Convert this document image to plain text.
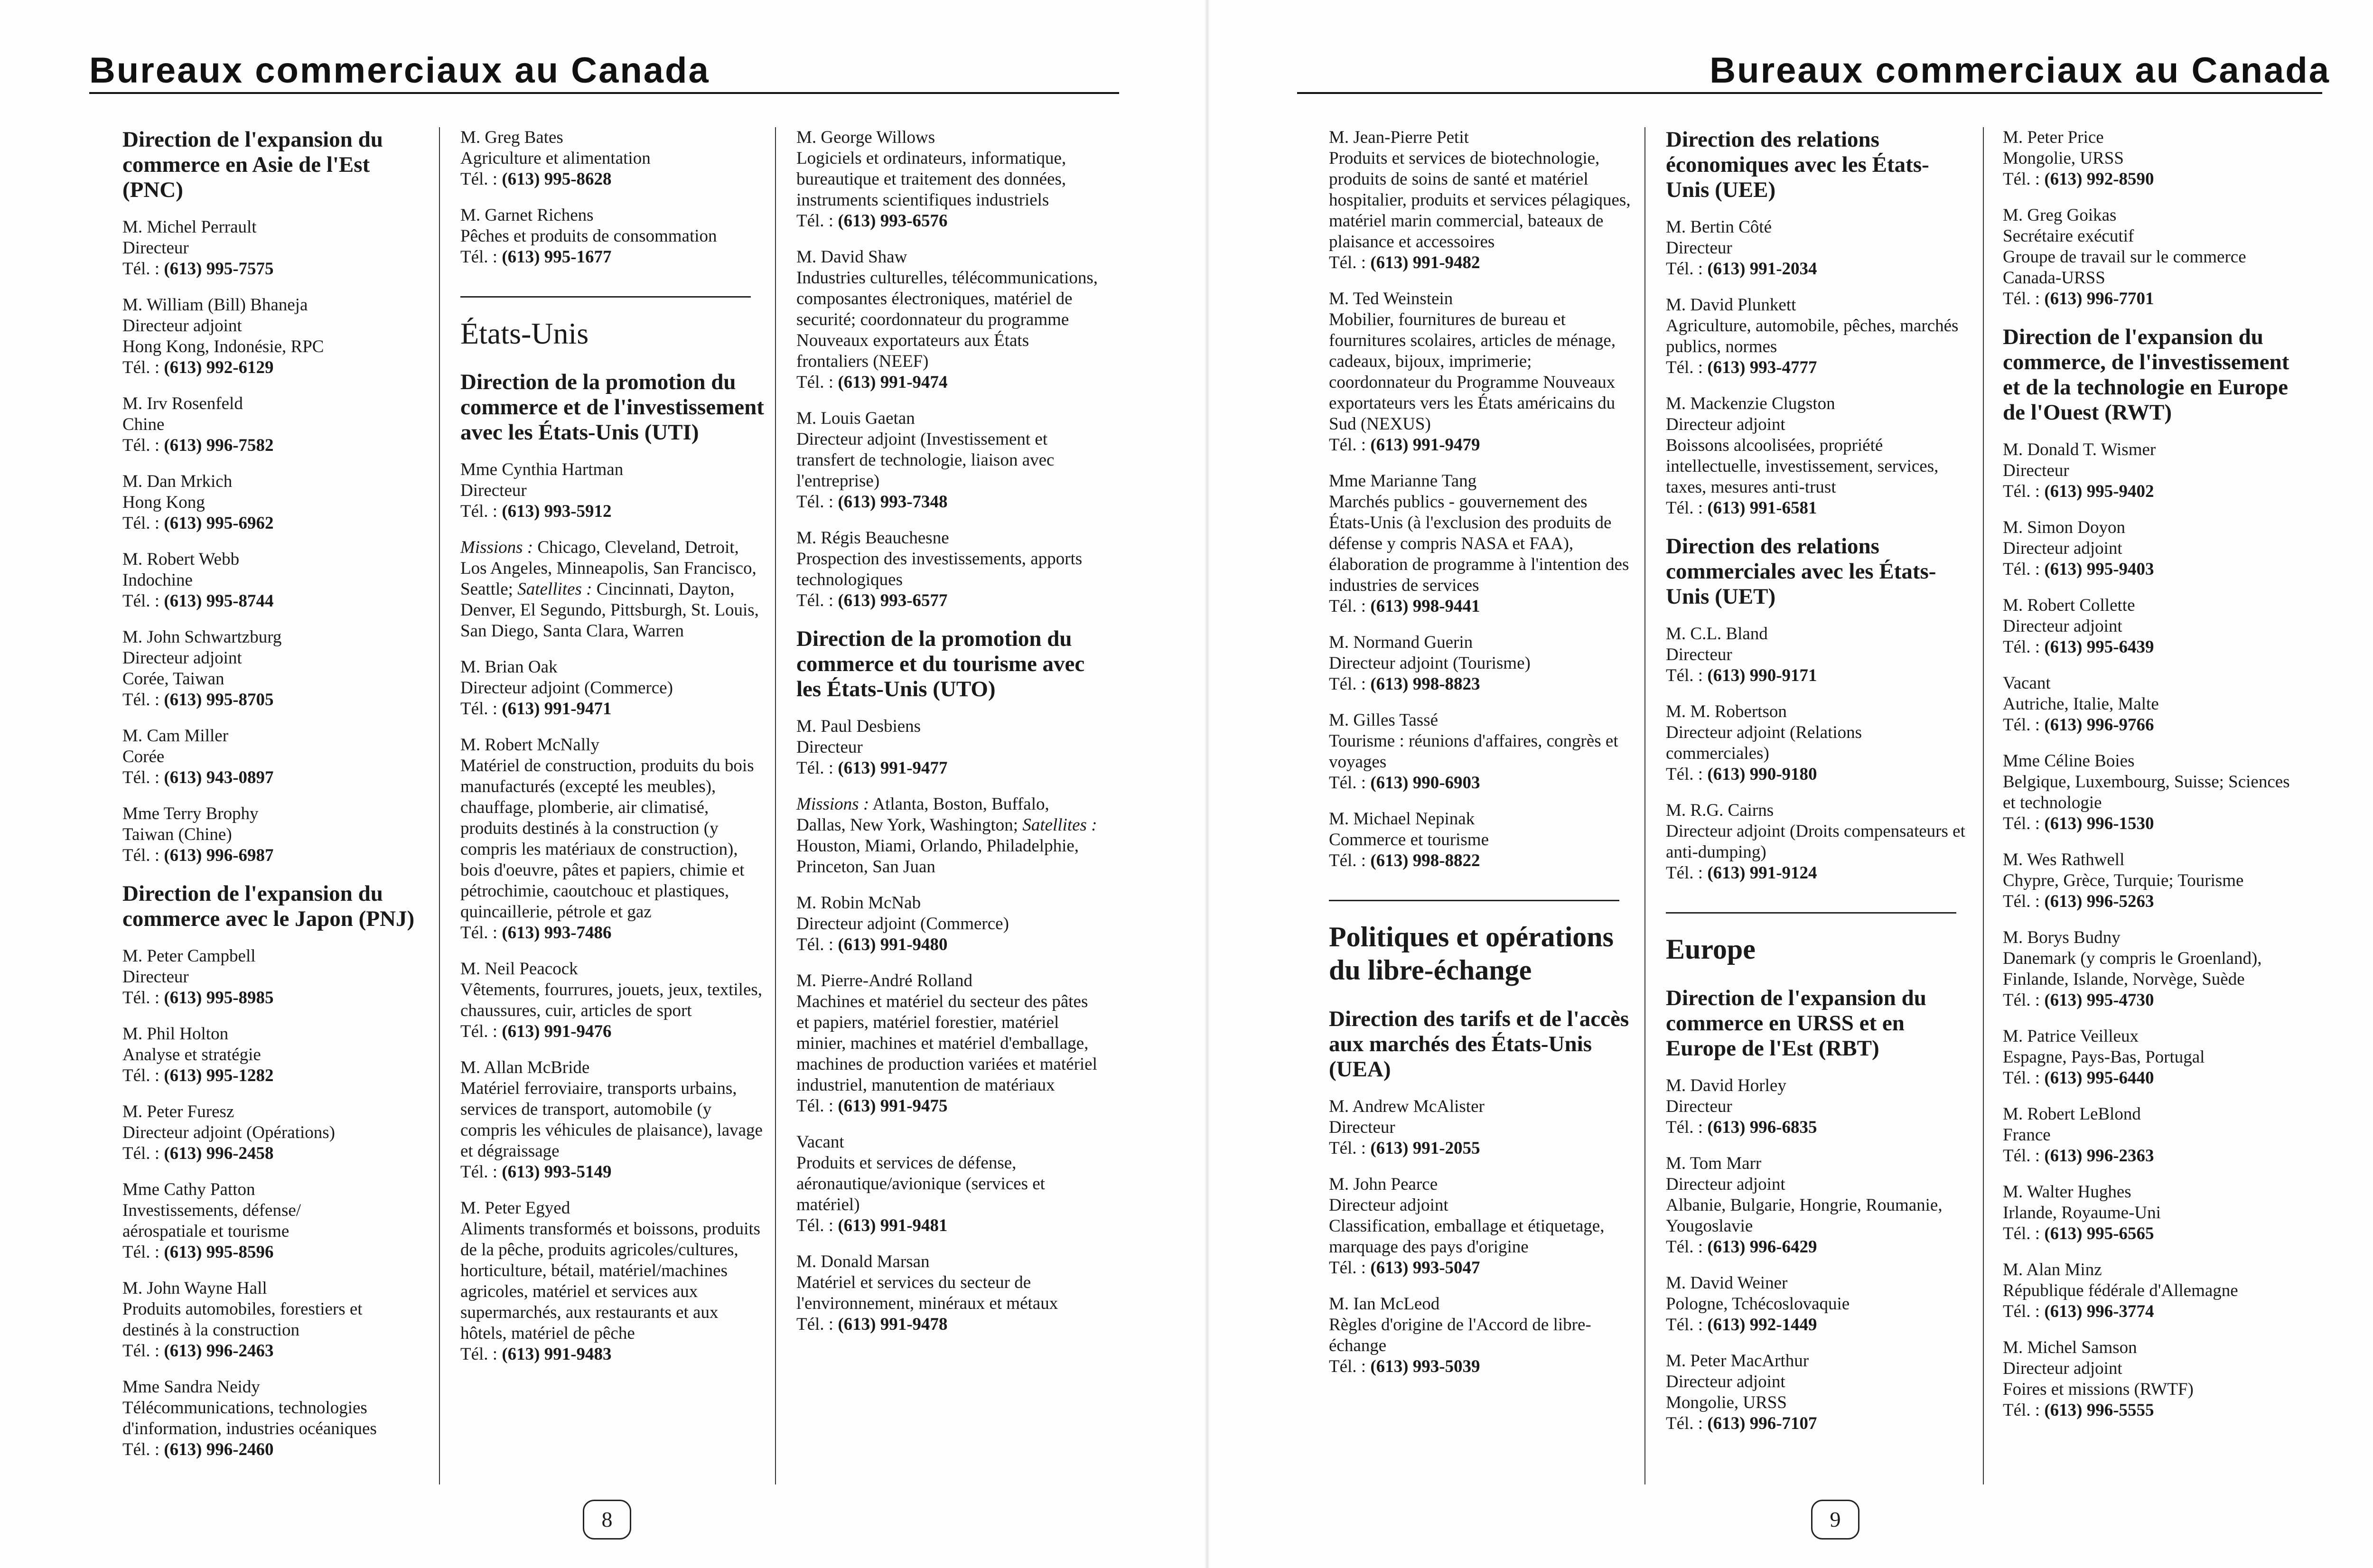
Bureaux commerciaux au Canada
Direction de l'expansion du commerce en Asie de l'Est (PNC)
M. Michel Perrault
Directeur
Tél. : (613) 995-7575
M. William (Bill) Bhaneja
Directeur adjoint
Hong Kong, Indonésie, RPC
Tél. : (613) 992-6129
M. Irv Rosenfeld
Chine
Tél. : (613) 996-7582
M. Dan Mrkich
Hong Kong
Tél. : (613) 995-6962
M. Robert Webb
Indochine
Tél. : (613) 995-8744
M. John Schwartzburg
Directeur adjoint
Corée, Taiwan
Tél. : (613) 995-8705
M. Cam Miller
Corée
Tél. : (613) 943-0897
Mme Terry Brophy
Taiwan (Chine)
Tél. : (613) 996-6987
Direction de l'expansion du commerce avec le Japon (PNJ)
M. Peter Campbell
Directeur
Tél. : (613) 995-8985
M. Phil Holton
Analyse et stratégie
Tél. : (613) 995-1282
M. Peter Furesz
Directeur adjoint (Opérations)
Tél. : (613) 996-2458
Mme Cathy Patton
Investissements, défense/
aérospatiale et tourisme
Tél. : (613) 995-8596
M. John Wayne Hall
Produits automobiles, forestiers et
destinés à la construction
Tél. : (613) 996-2463
Mme Sandra Neidy
Télécommunications, technologies
d'information, industries océaniques
Tél. : (613) 996-2460
M. Greg Bates
Agriculture et alimentation
Tél. : (613) 995-8628
M. Garnet Richens
Pêches et produits de consommation
Tél. : (613) 995-1677
États-Unis
Direction de la promotion du commerce et de l'investissement avec les États-Unis (UTI)
Mme Cynthia Hartman
Directeur
Tél. : (613) 993-5912
Missions : Chicago, Cleveland, Detroit, Los Angeles, Minneapolis, San Francisco, Seattle; Satellites : Cincinnati, Dayton, Denver, El Segundo, Pittsburgh, St. Louis, San Diego, Santa Clara, Warren
M. Brian Oak
Directeur adjoint (Commerce)
Tél. : (613) 991-9471
M. Robert McNally
Matériel de construction, produits du bois manufacturés (excepté les meubles), chauffage, plomberie, air climatisé, produits destinés à la construction (y compris les matériaux de construction), bois d'oeuvre, pâtes et papiers, chimie et pétrochimie, caoutchouc et plastiques, quincaillerie, pétrole et gaz
Tél. : (613) 993-7486
M. Neil Peacock
Vêtements, fourrures, jouets, jeux, textiles, chaussures, cuir, articles de sport
Tél. : (613) 991-9476
M. Allan McBride
Matériel ferroviaire, transports urbains, services de transport, automobile (y compris les véhicules de plaisance), lavage et dégraissage
Tél. : (613) 993-5149
M. Peter Egyed
Aliments transformés et boissons, produits de la pêche, produits agricoles/cultures, horticulture, bétail, matériel/machines agricoles, matériel et services aux supermarchés, aux restaurants et aux hôtels, matériel de pêche
Tél. : (613) 991-9483
M. George Willows
Logiciels et ordinateurs, informatique, bureautique et traitement des données, instruments scientifiques industriels
Tél. : (613) 993-6576
M. David Shaw
Industries culturelles, télécommunications, composantes électroniques, matériel de securité; coordonnateur du programme Nouveaux exportateurs aux États frontaliers (NEEF)
Tél. : (613) 991-9474
M. Louis Gaetan
Directeur adjoint (Investissement et transfert de technologie, liaison avec l'entreprise)
Tél. : (613) 993-7348
M. Régis Beauchesne
Prospection des investissements, apports technologiques
Tél. : (613) 993-6577
Direction de la promotion du commerce et du tourisme avec les États-Unis (UTO)
M. Paul Desbiens
Directeur
Tél. : (613) 991-9477
Missions : Atlanta, Boston, Buffalo, Dallas, New York, Washington; Satellites : Houston, Miami, Orlando, Philadelphie, Princeton, San Juan
M. Robin McNab
Directeur adjoint (Commerce)
Tél. : (613) 991-9480
M. Pierre-André Rolland
Machines et matériel du secteur des pâtes et papiers, matériel forestier, matériel minier, machines et matériel d'emballage, machines de production variées et matériel industriel, manutention de matériaux
Tél. : (613) 991-9475
Vacant
Produits et services de défense, aéronautique/avionique (services et matériel)
Tél. : (613) 991-9481
M. Donald Marsan
Matériel et services du secteur de l'environnement, minéraux et métaux
Tél. : (613) 991-9478
8
Bureaux commerciaux au Canada
M. Jean-Pierre Petit
Produits et services de biotechnologie, produits de soins de santé et matériel hospitalier, produits et services pélagiques, matériel marin commercial, bateaux de plaisance et accessoires
Tél. : (613) 991-9482
M. Ted Weinstein
Mobilier, fournitures de bureau et fournitures scolaires, articles de ménage, cadeaux, bijoux, imprimerie; coordonnateur du Programme Nouveaux exportateurs vers les États américains du Sud (NEXUS)
Tél. : (613) 991-9479
Mme Marianne Tang
Marchés publics - gouvernement des États-Unis (à l'exclusion des produits de défense y compris NASA et FAA), élaboration de programme à l'intention des industries de services
Tél. : (613) 998-9441
M. Normand Guerin
Directeur adjoint (Tourisme)
Tél. : (613) 998-8823
M. Gilles Tassé
Tourisme : réunions d'affaires, congrès et voyages
Tél. : (613) 990-6903
M. Michael Nepinak
Commerce et tourisme
Tél. : (613) 998-8822
Politiques et opérations du libre-échange
Direction des tarifs et de l'accès aux marchés des États-Unis (UEA)
M. Andrew McAlister
Directeur
Tél. : (613) 991-2055
M. John Pearce
Directeur adjoint
Classification, emballage et étiquetage, marquage des pays d'origine
Tél. : (613) 993-5047
M. Ian McLeod
Règles d'origine de l'Accord de libre-échange
Tél. : (613) 993-5039
Direction des relations économiques avec les États-Unis (UEE)
M. Bertin Côté
Directeur
Tél. : (613) 991-2034
M. David Plunkett
Agriculture, automobile, pêches, marchés publics, normes
Tél. : (613) 993-4777
M. Mackenzie Clugston
Directeur adjoint
Boissons alcoolisées, propriété intellectuelle, investissement, services, taxes, mesures anti-trust
Tél. : (613) 991-6581
Direction des relations commerciales avec les États-Unis (UET)
M. C.L. Bland
Directeur
Tél. : (613) 990-9171
M. M. Robertson
Directeur adjoint (Relations commerciales)
Tél. : (613) 990-9180
M. R.G. Cairns
Directeur adjoint (Droits compensateurs et anti-dumping)
Tél. : (613) 991-9124
Europe
Direction de l'expansion du commerce en URSS et en Europe de l'Est (RBT)
M. David Horley
Directeur
Tél. : (613) 996-6835
M. Tom Marr
Directeur adjoint
Albanie, Bulgarie, Hongrie, Roumanie, Yougoslavie
Tél. : (613) 996-6429
M. David Weiner
Pologne, Tchécoslovaquie
Tél. : (613) 992-1449
M. Peter MacArthur
Directeur adjoint
Mongolie, URSS
Tél. : (613) 996-7107
M. Peter Price
Mongolie, URSS
Tél. : (613) 992-8590
M. Greg Goikas
Secrétaire exécutif
Groupe de travail sur le commerce Canada-URSS
Tél. : (613) 996-7701
Direction de l'expansion du commerce, de l'investissement et de la technologie en Europe de l'Ouest (RWT)
M. Donald T. Wismer
Directeur
Tél. : (613) 995-9402
M. Simon Doyon
Directeur adjoint
Tél. : (613) 995-9403
M. Robert Collette
Directeur adjoint
Tél. : (613) 995-6439
Vacant
Autriche, Italie, Malte
Tél. : (613) 996-9766
Mme Céline Boies
Belgique, Luxembourg, Suisse; Sciences et technologie
Tél. : (613) 996-1530
M. Wes Rathwell
Chypre, Grèce, Turquie; Tourisme
Tél. : (613) 996-5263
M. Borys Budny
Danemark (y compris le Groenland), Finlande, Islande, Norvège, Suède
Tél. : (613) 995-4730
M. Patrice Veilleux
Espagne, Pays-Bas, Portugal
Tél. : (613) 995-6440
M. Robert LeBlond
France
Tél. : (613) 996-2363
M. Walter Hughes
Irlande, Royaume-Uni
Tél. : (613) 995-6565
M. Alan Minz
République fédérale d'Allemagne
Tél. : (613) 996-3774
M. Michel Samson
Directeur adjoint
Foires et missions (RWTF)
Tél. : (613) 996-5555
9
